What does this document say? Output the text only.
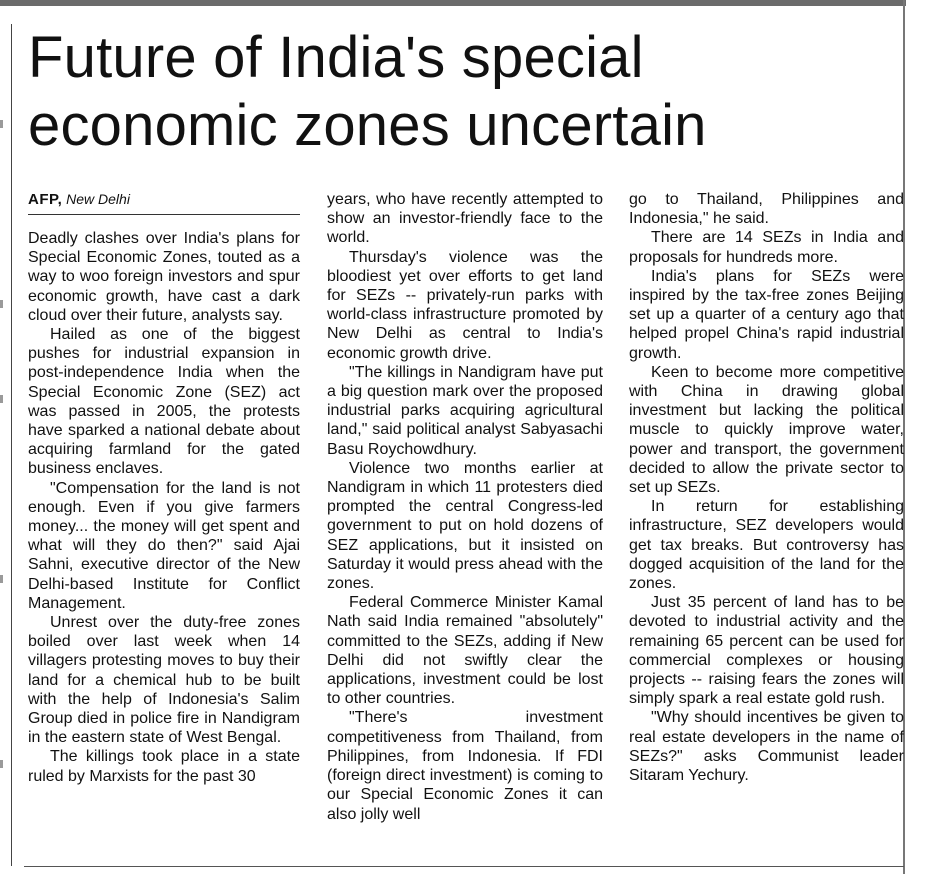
Future of India's special
economic zones uncertain
AFP, New Delhi

Deadly clashes over India's plans for Special Economic Zones, touted as a way to woo foreign investors and spur economic growth, have cast a dark cloud over their future, analysts say.

Hailed as one of the biggest pushes for industrial expansion in post-independence India when the Special Economic Zone (SEZ) act was passed in 2005, the protests have sparked a national debate about acquiring farmland for the gated business enclaves.

"Compensation for the land is not enough. Even if you give farmers money... the money will get spent and what will they do then?" said Ajai Sahni, executive director of the New Delhi-based Institute for Conflict Management.

Unrest over the duty-free zones boiled over last week when 14 villagers protesting moves to buy their land for a chemical hub to be built with the help of Indonesia's Salim Group died in police fire in Nandigram in the eastern state of West Bengal.

The killings took place in a state ruled by Marxists for the past 30

years, who have recently attempted to show an investor-friendly face to the world.

Thursday's violence was the bloodiest yet over efforts to get land for SEZs -- privately-run parks with world-class infrastructure promoted by New Delhi as central to India's economic growth drive.

"The killings in Nandigram have put a big question mark over the proposed industrial parks acquiring agricultural land," said political analyst Sabyasachi Basu Roychowdhury.

Violence two months earlier at Nandigram in which 11 protesters died prompted the central Congress-led government to put on hold dozens of SEZ applications, but it insisted on Saturday it would press ahead with the zones.

Federal Commerce Minister Kamal Nath said India remained "absolutely" committed to the SEZs, adding if New Delhi did not swiftly clear the applications, investment could be lost to other countries.

"There's investment competitiveness from Thailand, from Philippines, from Indonesia. If FDI (foreign direct investment) is coming to our Special Economic Zones it can also jolly well

go to Thailand, Philippines and Indonesia," he said.

There are 14 SEZs in India and proposals for hundreds more.

India's plans for SEZs were inspired by the tax-free zones Beijing set up a quarter of a century ago that helped propel China's rapid industrial growth.

Keen to become more competitive with China in drawing global investment but lacking the political muscle to quickly improve water, power and transport, the government decided to allow the private sector to set up SEZs.

In return for establishing infrastructure, SEZ developers would get tax breaks. But controversy has dogged acquisition of the land for the zones.

Just 35 percent of land has to be devoted to industrial activity and the remaining 65 percent can be used for commercial complexes or housing projects -- raising fears the zones will simply spark a real estate gold rush.

"Why should incentives be given to real estate developers in the name of SEZs?" asks Communist leader Sitaram Yechury.
